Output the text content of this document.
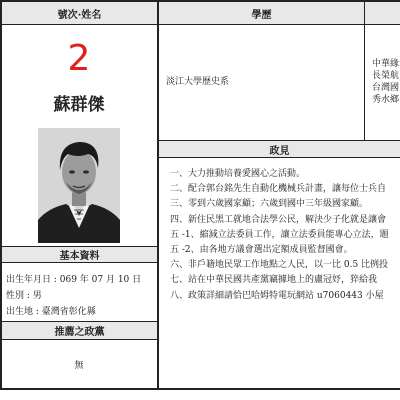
號次·姓名	學歷
政見
基本資料
推薦之政黨
2
蘇群傑
淡江大學歷史系
中華緣
長榮航
台灣國
秀水鄉
出生年月日 : 069 年 07 月 10 日
性別 : 男
出生地 : 臺灣省彰化縣
無
一、大力推動培養愛國心之活動。
二、配合郭台銘先生自動化機械兵計畫，讓每位士兵自
三、零到六歲國家顧；六歲到國中三年級國家顧。
四、新住民黑工就地合法學公民，解決少子化就是讓會
五 -1、縮減立法委員工作，讓立法委員能專心立法，題
五 -2、由各地方議會選出定額成員監督國會。
六、非戶籍地民眾工作地點之人民，以一比 0.5 比例投
七、站在中華民國共產黨竊據地上的盧冠妤，猝給我
八、政策詳細請恰巴哈姆特電玩網站 u7060443 小屋
